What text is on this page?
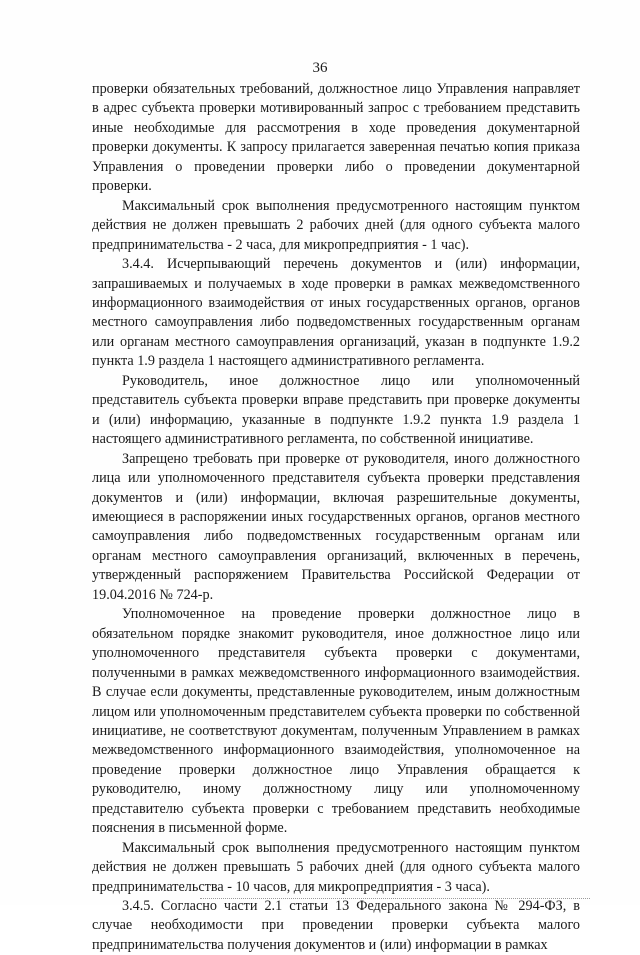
36

проверки обязательных требований, должностное лицо Управления направляет в адрес субъекта проверки мотивированный запрос с требованием представить иные необходимые для рассмотрения в ходе проведения документарной проверки документы. К запросу прилагается заверенная печатью копия приказа Управления о проведении проверки либо о проведении документарной проверки.

Максимальный срок выполнения предусмотренного настоящим пунктом действия не должен превышать 2 рабочих дней (для одного субъекта малого предпринимательства - 2 часа, для микропредприятия - 1 час).

3.4.4. Исчерпывающий перечень документов и (или) информации, запрашиваемых и получаемых в ходе проверки в рамках межведомственного информационного взаимодействия от иных государственных органов, органов местного самоуправления либо подведомственных государственным органам или органам местного самоуправления организаций, указан в подпункте 1.9.2 пункта 1.9 раздела 1 настоящего административного регламента.

Руководитель, иное должностное лицо или уполномоченный представитель субъекта проверки вправе представить при проверке документы и (или) информацию, указанные в подпункте 1.9.2 пункта 1.9 раздела 1 настоящего административного регламента, по собственной инициативе.

Запрещено требовать при проверке от руководителя, иного должностного лица или уполномоченного представителя субъекта проверки представления документов и (или) информации, включая разрешительные документы, имеющиеся в распоряжении иных государственных органов, органов местного самоуправления либо подведомственных государственным органам или органам местного самоуправления организаций, включенных в перечень, утвержденный распоряжением Правительства Российской Федерации от 19.04.2016 № 724-р.

Уполномоченное на проведение проверки должностное лицо в обязательном порядке знакомит руководителя, иное должностное лицо или уполномоченного представителя субъекта проверки с документами, полученными в рамках межведомственного информационного взаимодействия. В случае если документы, представленные руководителем, иным должностным лицом или уполномоченным представителем субъекта проверки по собственной инициативе, не соответствуют документам, полученным Управлением в рамках межведомственного информационного взаимодействия, уполномоченное на проведение проверки должностное лицо Управления обращается к руководителю, иному должностному лицу или уполномоченному представителю субъекта проверки с требованием представить необходимые пояснения в письменной форме.

Максимальный срок выполнения предусмотренного настоящим пунктом действия не должен превышать 5 рабочих дней (для одного субъекта малого предпринимательства - 10 часов, для микропредприятия - 3 часа).

3.4.5. Согласно части 2.1 статьи 13 Федерального закона № 294-ФЗ, в случае необходимости при проведении проверки субъекта малого предпринимательства получения документов и (или) информации в рамках
